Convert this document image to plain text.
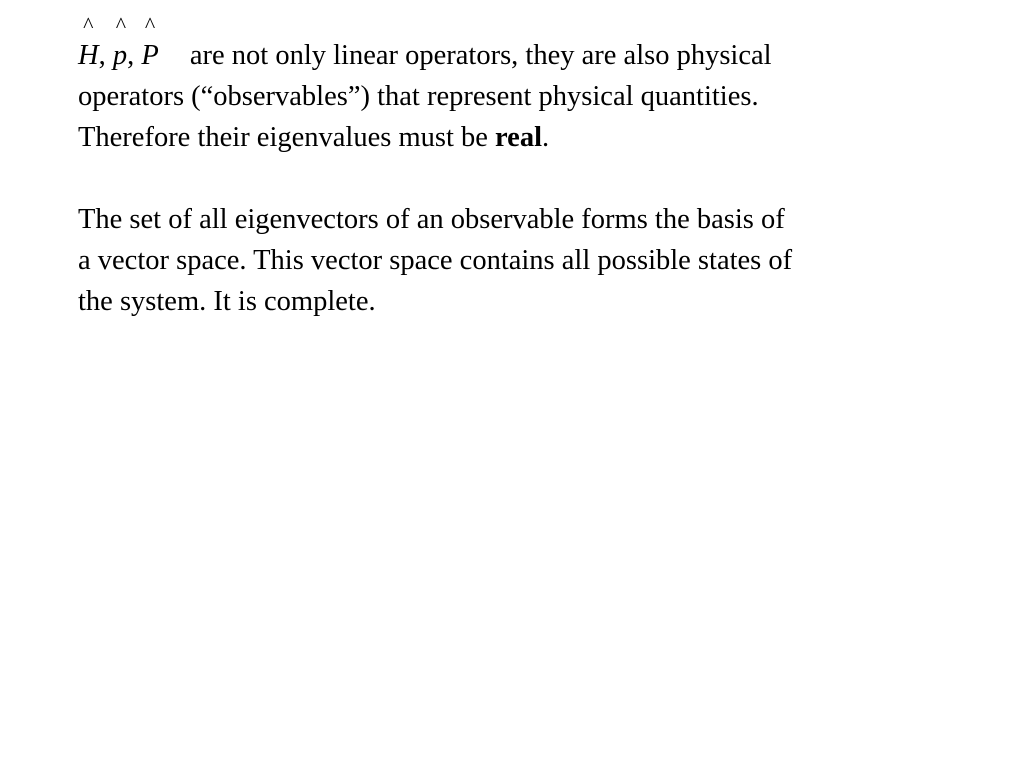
^
H,
^
p,
^
P are not only linear operators, they are also physical
operators (“observables”) that represent physical quantities.
Therefore their eigenvalues must be real.
The set of all eigenvectors of an observable forms the basis of
a vector space. This vector space contains all possible states of
the system. It is complete.
